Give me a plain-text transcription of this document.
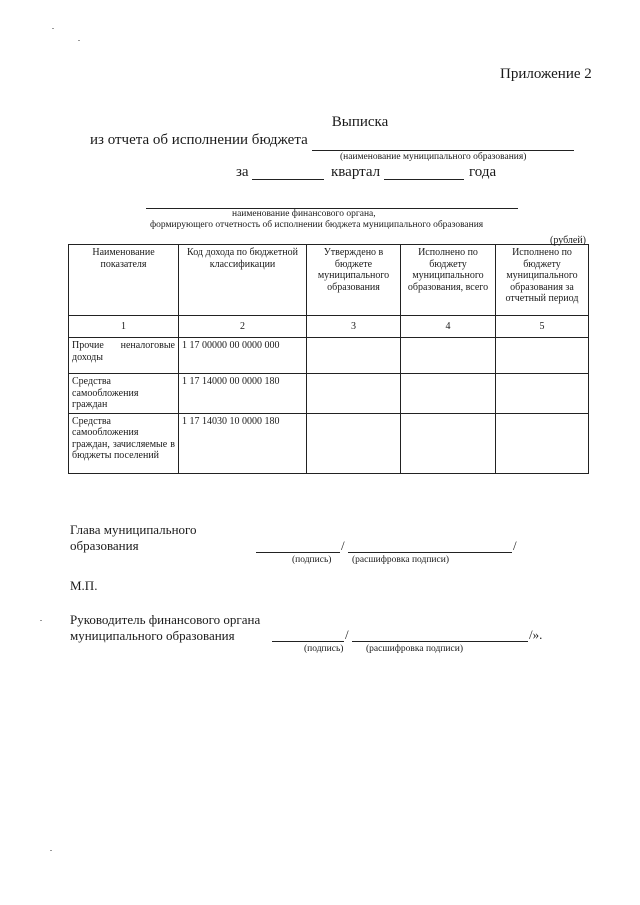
Приложение 2
Выписка
из отчета об исполнении бюджета
(наименование муниципального образования)
за	квартал	года
наименование финансового органа,
формирующего отчетность об исполнении бюджета муниципального образования
(рублей)
Наименование показателя	Код дохода по бюджетной классификации	Утверждено в бюджете муниципального образования	Исполнено по бюджету муниципального образования, всего	Исполнено по бюджету муниципального образования за отчетный период
1	2	3	4	5
Прочие неналоговые доходы	1 17 00000 00 0000 000			
Средства самообложения граждан	1 17 14000 00 0000 180			
Средства самообложения граждан, зачисляемые в бюджеты поселений	1 17 14030 10 0000 180			
Глава муниципального
образования	/	/
(подпись) (расшифровка подписи)
М.П.
Руководитель финансового органа
муниципального образования	/	/».
(подпись) (расшифровка подписи)
